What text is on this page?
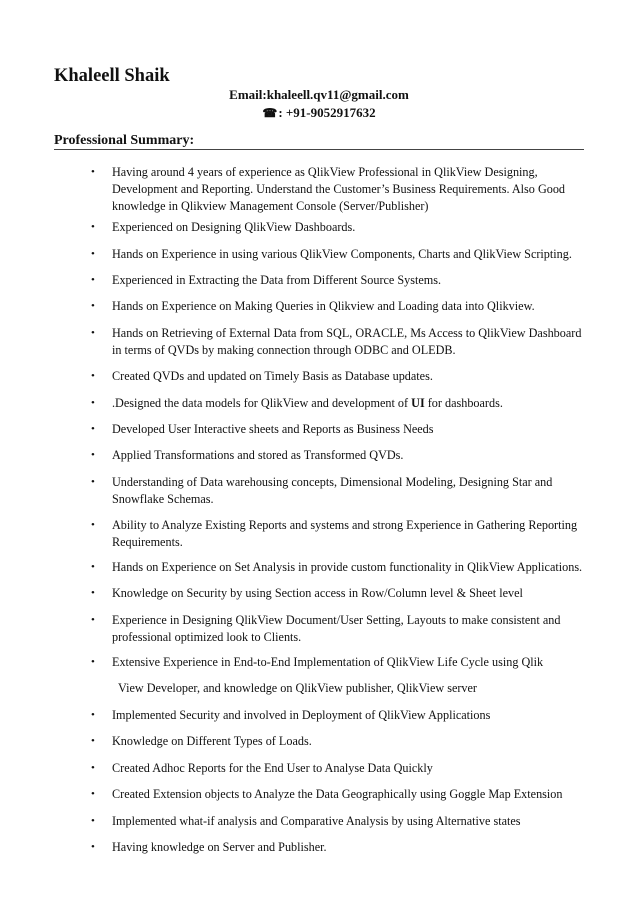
Khaleell Shaik
Email:khaleell.qv11@gmail.com
☎: +91-9052917632
Professional Summary:
• Having around 4 years of experience as QlikView Professional in QlikView Designing, Development and Reporting. Understand the Customer’s Business Requirements. Also Good knowledge in Qlikview Management Console (Server/Publisher)
• Experienced on Designing QlikView Dashboards.
• Hands on Experience in using various QlikView Components, Charts and QlikView Scripting.
• Experienced in Extracting the Data from Different Source Systems.
• Hands on Experience on Making Queries in Qlikview and Loading data into Qlikview.
• Hands on Retrieving of External Data from SQL, ORACLE, Ms Access to QlikView Dashboard in terms of QVDs by making connection through ODBC and OLEDB.
• Created QVDs and updated on Timely Basis as Database updates.
• .Designed the data models for QlikView and development of UI for dashboards.
• Developed User Interactive sheets and Reports as Business Needs
• Applied Transformations and stored as Transformed QVDs.
• Understanding of Data warehousing concepts, Dimensional Modeling, Designing Star and Snowflake Schemas.
• Ability to Analyze Existing Reports and systems and strong Experience in Gathering Reporting Requirements.
• Hands on Experience on Set Analysis in provide custom functionality in QlikView Applications.
• Knowledge on Security by using Section access in Row/Column level & Sheet level
• Experience in Designing QlikView Document/User Setting, Layouts to make consistent and professional optimized look to Clients.
• Extensive Experience in End-to-End Implementation of QlikView Life Cycle using Qlik
• Implemented Security and involved in Deployment of QlikView Applications
• Knowledge on Different Types of Loads.
• Created Adhoc Reports for the End User to Analyse Data Quickly
• Created Extension objects to Analyze the Data Geographically using Goggle Map Extension
• Implemented what-if analysis and Comparative Analysis by using Alternative states
• Having knowledge on Server and Publisher.
View Developer, and knowledge on QlikView publisher, QlikView server
